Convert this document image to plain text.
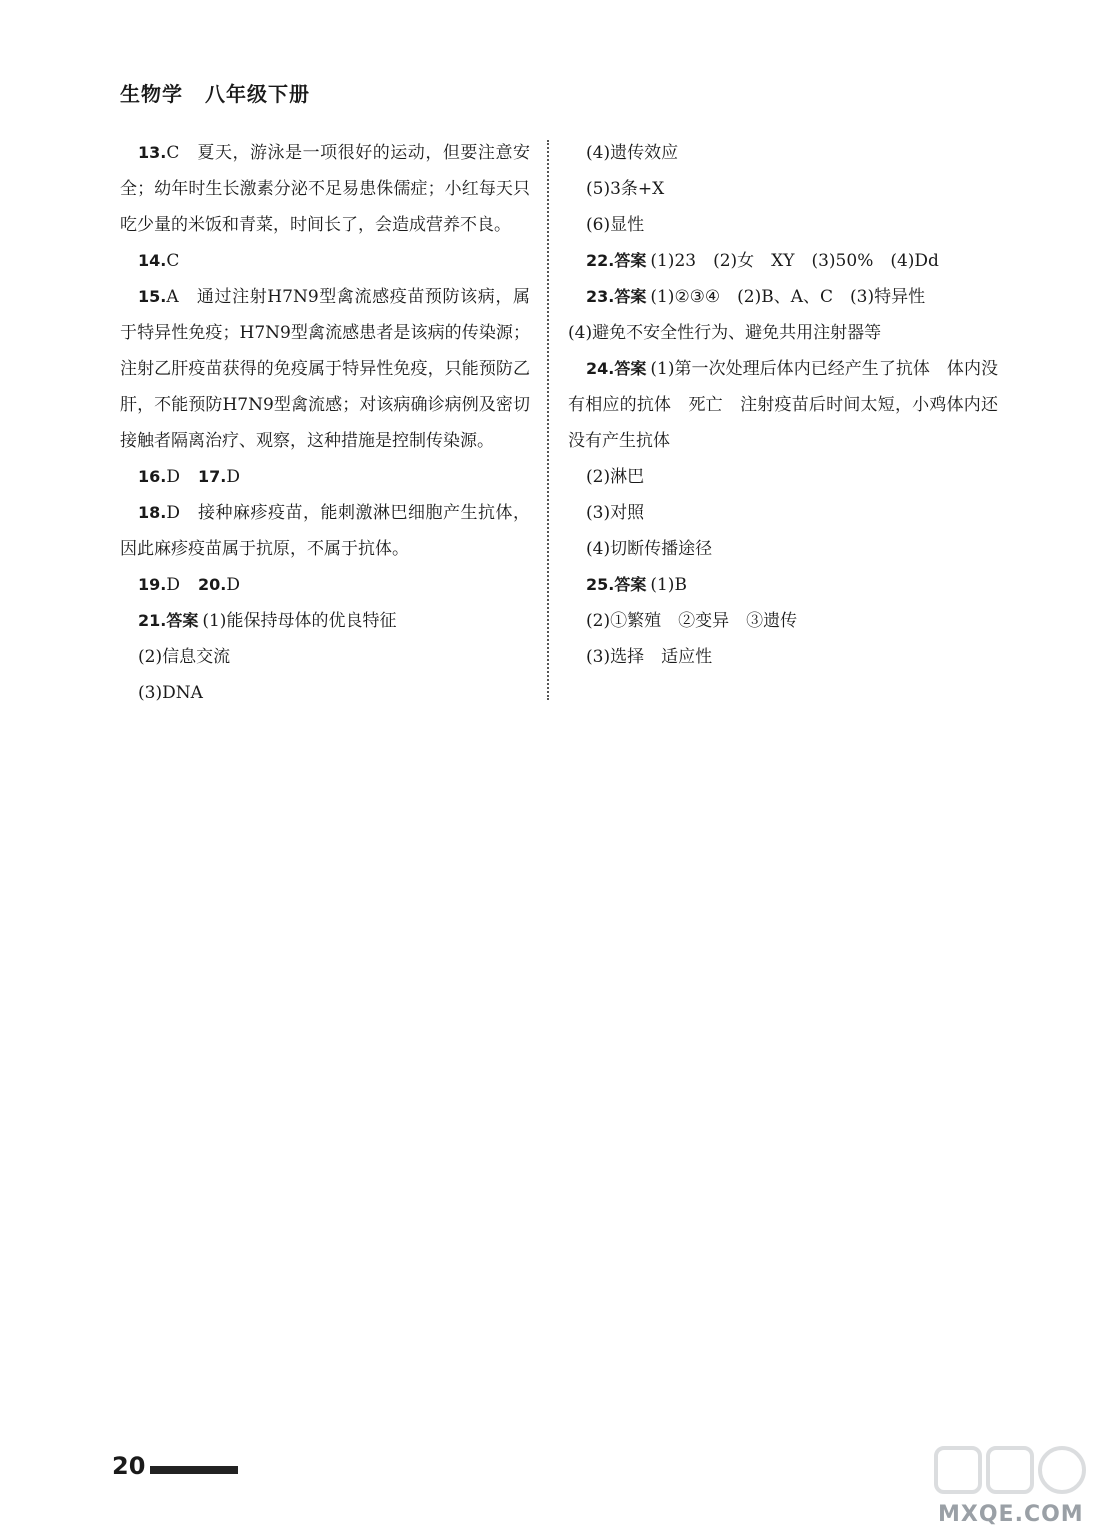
生物学 八年级下册

13.C　夏天，游泳是一项很好的运动，但要注意安全；幼年时生长激素分泌不足易患侏儒症；小红每天只吃少量的米饭和青菜，时间长了，会造成营养不良。

14.C

15.A　通过注射H7N9型禽流感疫苗预防该病，属于特异性免疫；H7N9型禽流感患者是该病的传染源；注射乙肝疫苗获得的免疫属于特异性免疫，只能预防乙肝，不能预防H7N9型禽流感；对该病确诊病例及密切接触者隔离治疗、观察，这种措施是控制传染源。

16.D 17.D

18.D　接种麻疹疫苗，能刺激淋巴细胞产生抗体，因此麻疹疫苗属于抗原，不属于抗体。

19.D 20.D

21.答案 (1)能保持母体的优良特征

(2)信息交流

(3)DNA

(4)遗传效应

(5)3条+X

(6)显性

22.答案 (1)23　(2)女　XY　(3)50%　(4)Dd

23.答案 (1)②③④　(2)B、A、C　(3)特异性

(4)避免不安全性行为、避免共用注射器等

24.答案 (1)第一次处理后体内已经产生了抗体　体内没有相应的抗体　死亡　注射疫苗后时间太短，小鸡体内还没有产生抗体

(2)淋巴

(3)对照

(4)切断传播途径

25.答案 (1)B

(2)①繁殖　②变异　③遗传

(3)选择　适应性

20
MXQE.COM
